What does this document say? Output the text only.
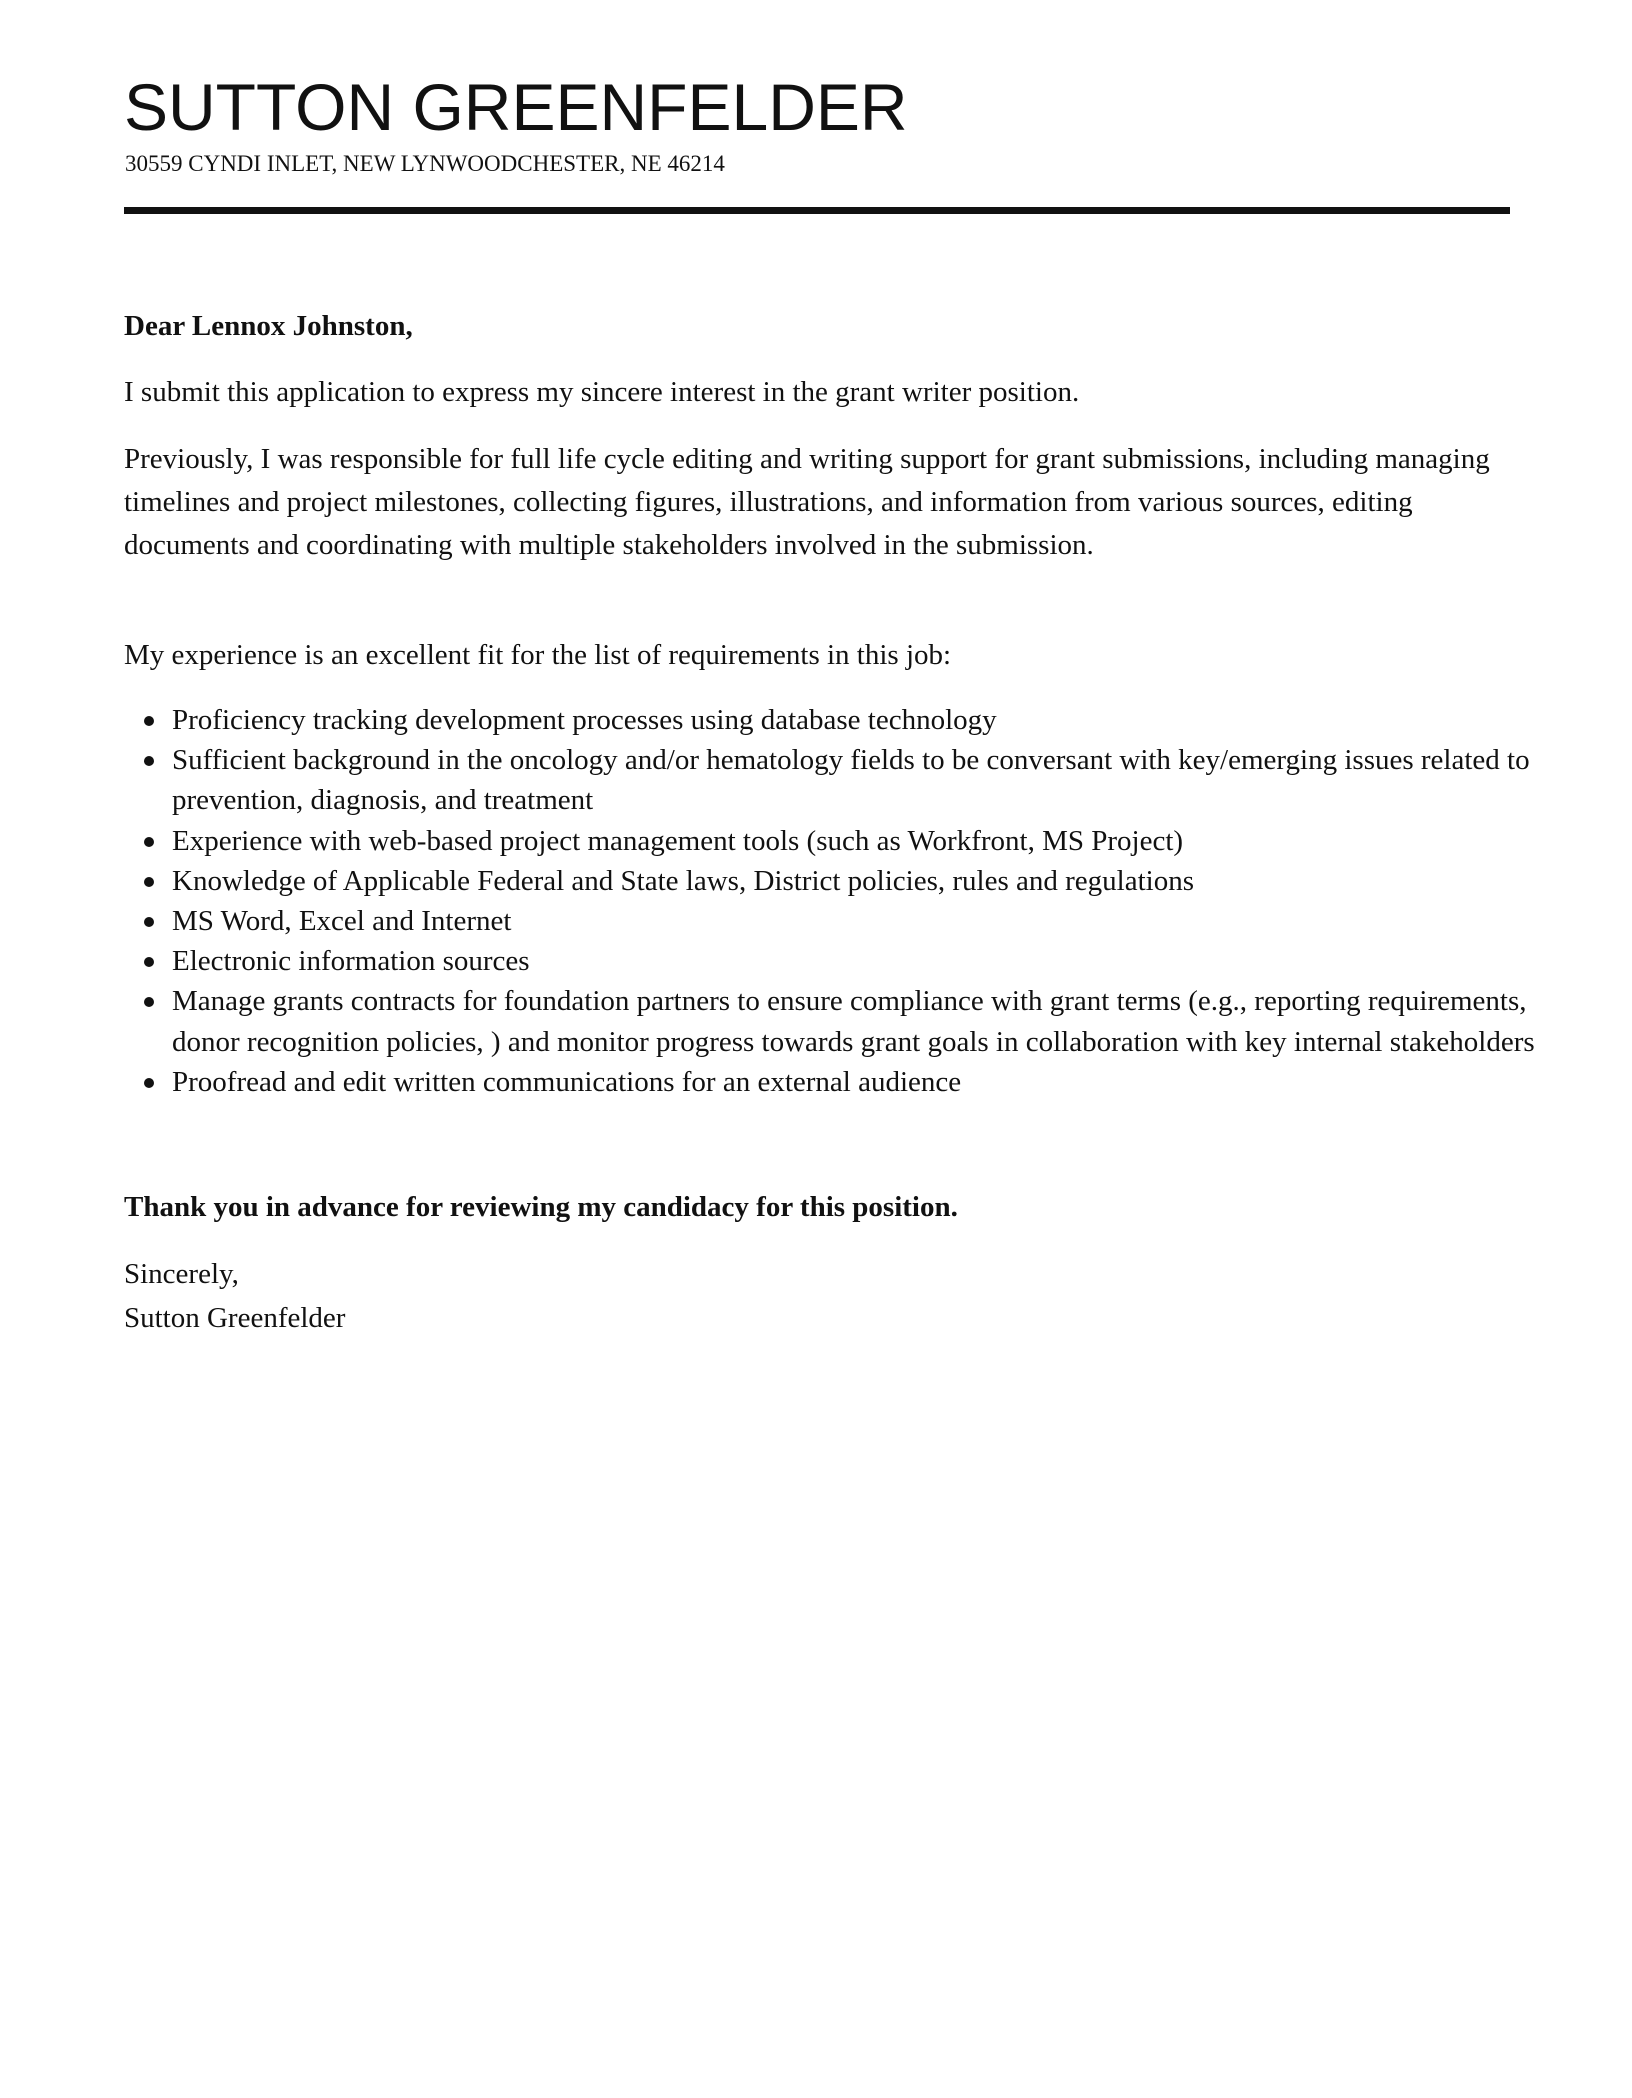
SUTTON GREENFELDER
30559 CYNDI INLET, NEW LYNWOODCHESTER, NE 46214

Dear Lennox Johnston,

I submit this application to express my sincere interest in the grant writer position.

Previously, I was responsible for full life cycle editing and writing support for grant submissions, including managing timelines and project milestones, collecting figures, illustrations, and information from various sources, editing documents and coordinating with multiple stakeholders involved in the submission.

My experience is an excellent fit for the list of requirements in this job:

Proficiency tracking development processes using database technology
Sufficient background in the oncology and/or hematology fields to be conversant with key/emerging issues related to prevention, diagnosis, and treatment
Experience with web-based project management tools (such as Workfront, MS Project)
Knowledge of Applicable Federal and State laws, District policies, rules and regulations
MS Word, Excel and Internet
Electronic information sources
Manage grants contracts for foundation partners to ensure compliance with grant terms (e.g., reporting requirements, donor recognition policies, ) and monitor progress towards grant goals in collaboration with key internal stakeholders
Proofread and edit written communications for an external audience

Thank you in advance for reviewing my candidacy for this position.

Sincerely,

Sutton Greenfelder
